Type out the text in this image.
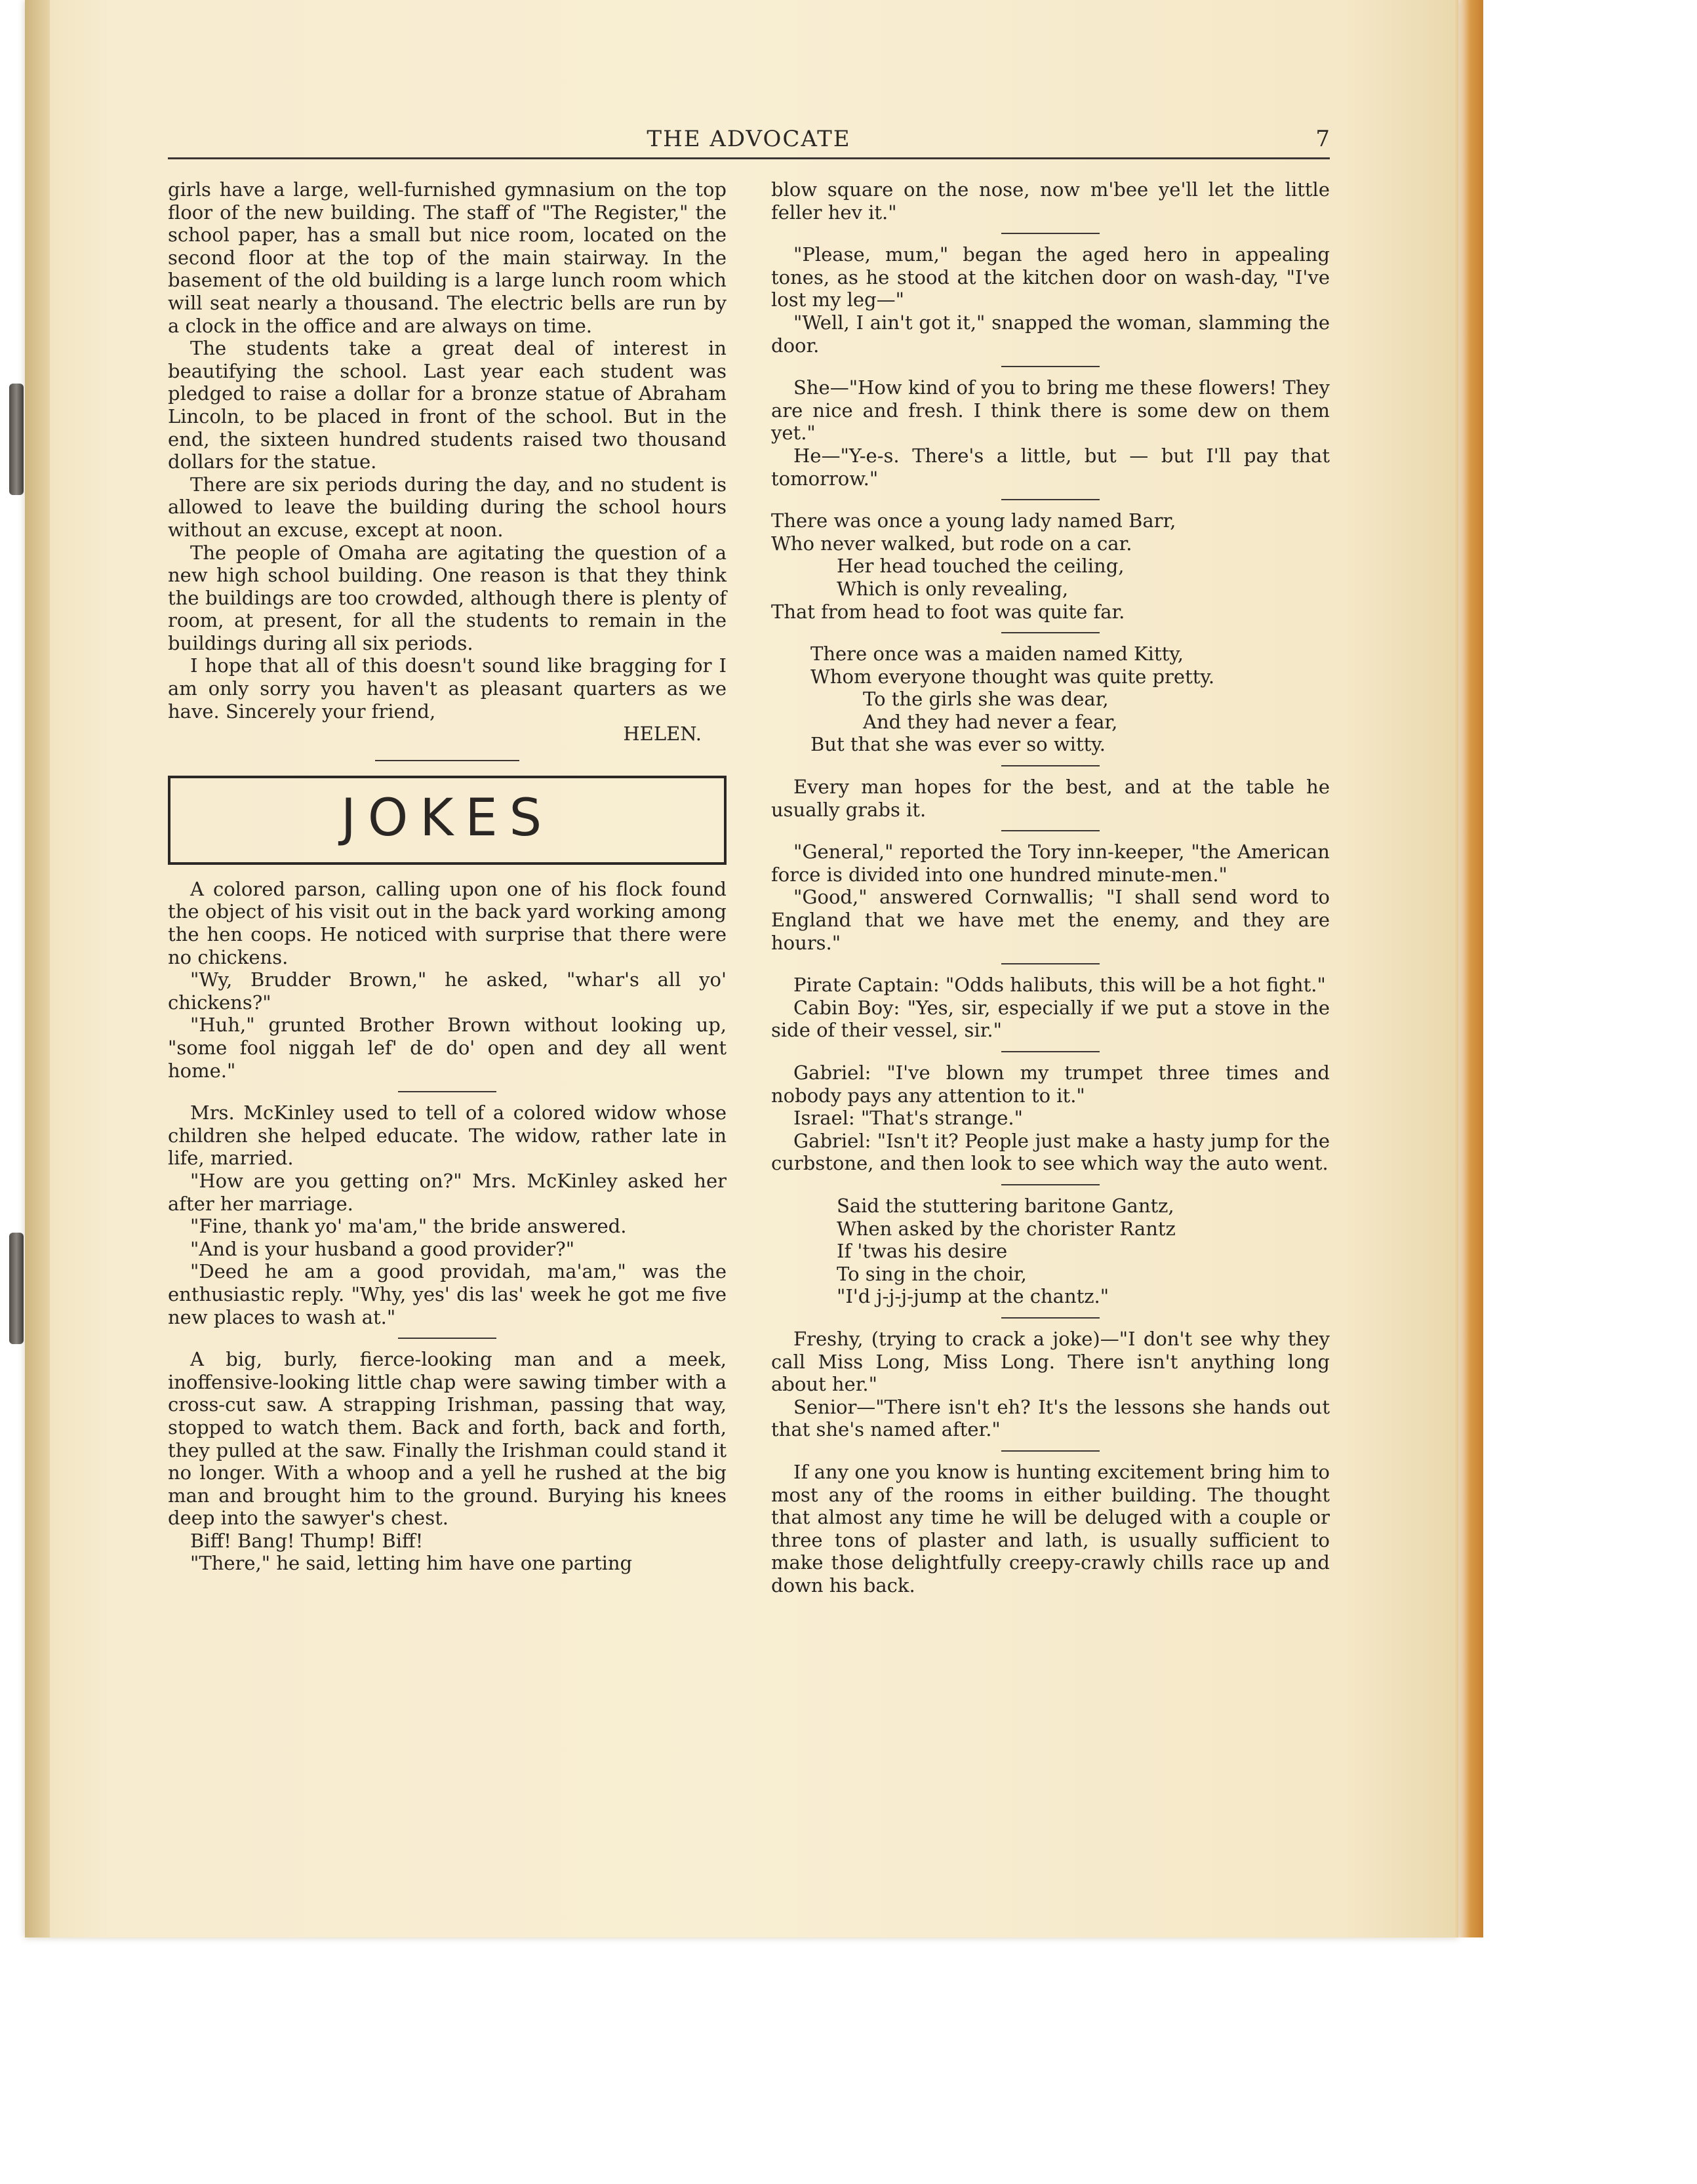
THE ADVOCATE	7

girls have a large, well-furnished gymnasium on the top floor of the new building. The staff of "The Register," the school paper, has a small but nice room, located on the second floor at the top of the main stairway. In the basement of the old building is a large lunch room which will seat nearly a thousand. The electric bells are run by a clock in the office and are always on time.

The students take a great deal of interest in beautifying the school. Last year each student was pledged to raise a dollar for a bronze statue of Abraham Lincoln, to be placed in front of the school. But in the end, the sixteen hundred students raised two thousand dollars for the statue.

There are six periods during the day, and no student is allowed to leave the building during the school hours without an excuse, except at noon.

The people of Omaha are agitating the question of a new high school building. One reason is that they think the buildings are too crowded, although there is plenty of room, at present, for all the students to remain in the buildings during all six periods.

I hope that all of this doesn't sound like bragging for I am only sorry you haven't as pleasant quarters as we have. Sincerely your friend,

HELEN.
JOKES

A colored parson, calling upon one of his flock found the object of his visit out in the back yard working among the hen coops. He noticed with surprise that there were no chickens.

"Wy, Brudder Brown," he asked, "whar's all yo' chickens?"

"Huh," grunted Brother Brown without looking up, "some fool niggah lef' de do' open and dey all went home."

Mrs. McKinley used to tell of a colored widow whose children she helped educate. The widow, rather late in life, married.

"How are you getting on?" Mrs. McKinley asked her after her marriage.

"Fine, thank yo' ma'am," the bride answered.

"And is your husband a good provider?"

"Deed he am a good providah, ma'am," was the enthusiastic reply. "Why, yes' dis las' week he got me five new places to wash at."

A big, burly, fierce-looking man and a meek, inoffensive-looking little chap were sawing timber with a cross-cut saw. A strapping Irishman, passing that way, stopped to watch them. Back and forth, back and forth, they pulled at the saw. Finally the Irishman could stand it no longer. With a whoop and a yell he rushed at the big man and brought him to the ground. Burying his knees deep into the sawyer's chest.

Biff! Bang! Thump! Biff!

"There," he said, letting him have one parting

blow square on the nose, now m'bee ye'll let the little feller hev it."

"Please, mum," began the aged hero in appealing tones, as he stood at the kitchen door on wash-day, "I've lost my leg—"

"Well, I ain't got it," snapped the woman, slamming the door.

She—"How kind of you to bring me these flowers! They are nice and fresh. I think there is some dew on them yet."

He—"Y-e-s. There's a little, but — but I'll pay that tomorrow."

There was once a young lady named Barr,
Who never walked, but rode on a car.
Her head touched the ceiling,
Which is only revealing,
That from head to foot was quite far.
There once was a maiden named Kitty,
Whom everyone thought was quite pretty.
To the girls she was dear,
And they had never a fear,
But that she was ever so witty.

Every man hopes for the best, and at the table he usually grabs it.

"General," reported the Tory inn-keeper, "the American force is divided into one hundred minute-men."

"Good," answered Cornwallis; "I shall send word to England that we have met the enemy, and they are hours."

Pirate Captain: "Odds halibuts, this will be a hot fight."

Cabin Boy: "Yes, sir, especially if we put a stove in the side of their vessel, sir."

Gabriel: "I've blown my trumpet three times and nobody pays any attention to it."

Israel: "That's strange."

Gabriel: "Isn't it? People just make a hasty jump for the curbstone, and then look to see which way the auto went.

Said the stuttering baritone Gantz,
When asked by the chorister Rantz
If 'twas his desire
To sing in the choir,
"I'd j-j-j-jump at the chantz."

Freshy, (trying to crack a joke)—"I don't see why they call Miss Long, Miss Long. There isn't anything long about her."

Senior—"There isn't eh? It's the lessons she hands out that she's named after."

If any one you know is hunting excitement bring him to most any of the rooms in either building. The thought that almost any time he will be deluged with a couple or three tons of plaster and lath, is usually sufficient to make those delightfully creepy-crawly chills race up and down his back.
